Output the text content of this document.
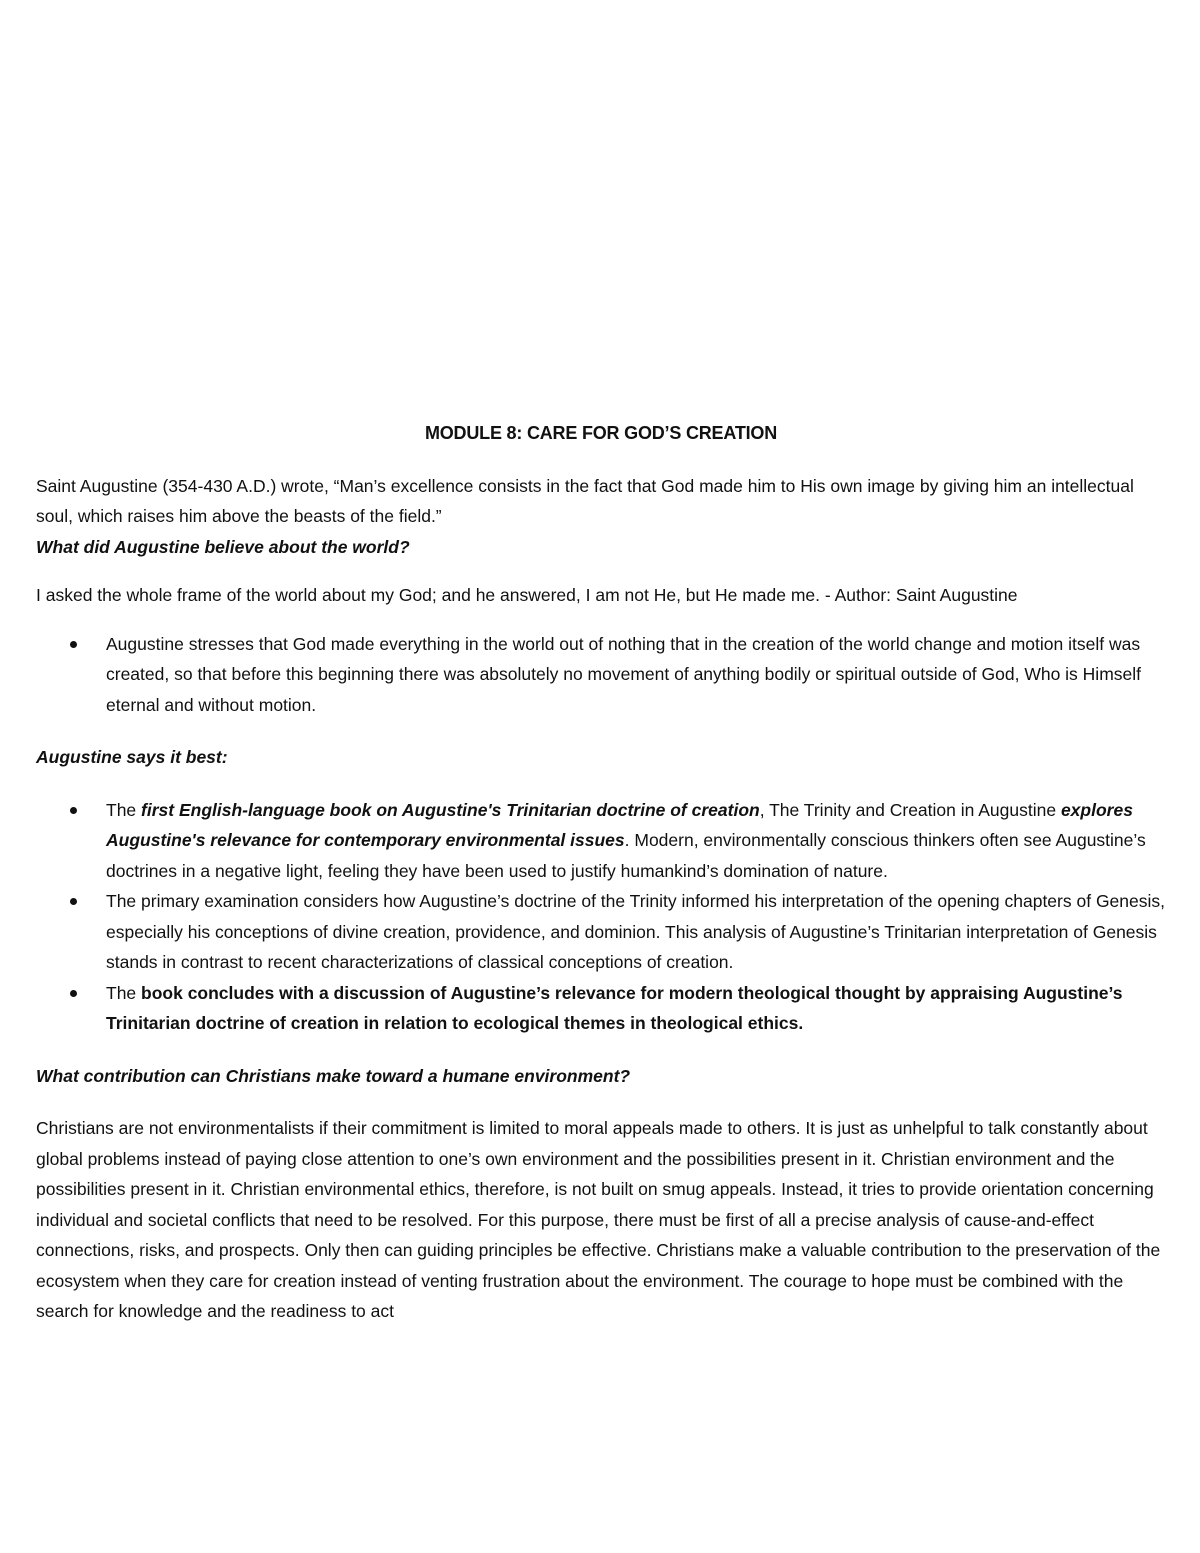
MODULE 8: CARE FOR GOD’S CREATION

Saint Augustine (354-430 A.D.) wrote, “Man’s excellence consists in the fact that God made him to His own image by giving him an intellectual soul, which raises him above the beasts of the field.”

What did Augustine believe about the world?

I asked the whole frame of the world about my God; and he answered, I am not He, but He made me. - Author: Saint Augustine

Augustine stresses that God made everything in the world out of nothing that in the creation of the world change and motion itself was created, so that before this beginning there was absolutely no movement of anything bodily or spiritual outside of God, Who is Himself eternal and without motion.

Augustine says it best:

The first English-language book on Augustine's Trinitarian doctrine of creation, The Trinity and Creation in Augustine explores Augustine's relevance for contemporary environmental issues. Modern, environmentally conscious thinkers often see Augustine’s doctrines in a negative light, feeling they have been used to justify humankind’s domination of nature.
The primary examination considers how Augustine’s doctrine of the Trinity informed his interpretation of the opening chapters of Genesis, especially his conceptions of divine creation, providence, and dominion. This analysis of Augustine’s Trinitarian interpretation of Genesis stands in contrast to recent characterizations of classical conceptions of creation.
The book concludes with a discussion of Augustine’s relevance for modern theological thought by appraising Augustine’s Trinitarian doctrine of creation in relation to ecological themes in theological ethics.

What contribution can Christians make toward a humane environment?

Christians are not environmentalists if their commitment is limited to moral appeals made to others. It is just as unhelpful to talk constantly about global problems instead of paying close attention to one’s own environment and the possibilities present in it. Christian environment and the possibilities present in it. Christian environmental ethics, therefore, is not built on smug appeals. Instead, it tries to provide orientation concerning individual and societal conflicts that need to be resolved. For this purpose, there must be first of all a precise analysis of cause-and-effect connections, risks, and prospects. Only then can guiding principles be effective. Christians make a valuable contribution to the preservation of the ecosystem when they care for creation instead of venting frustration about the environment. The courage to hope must be combined with the search for knowledge and the readiness to act
